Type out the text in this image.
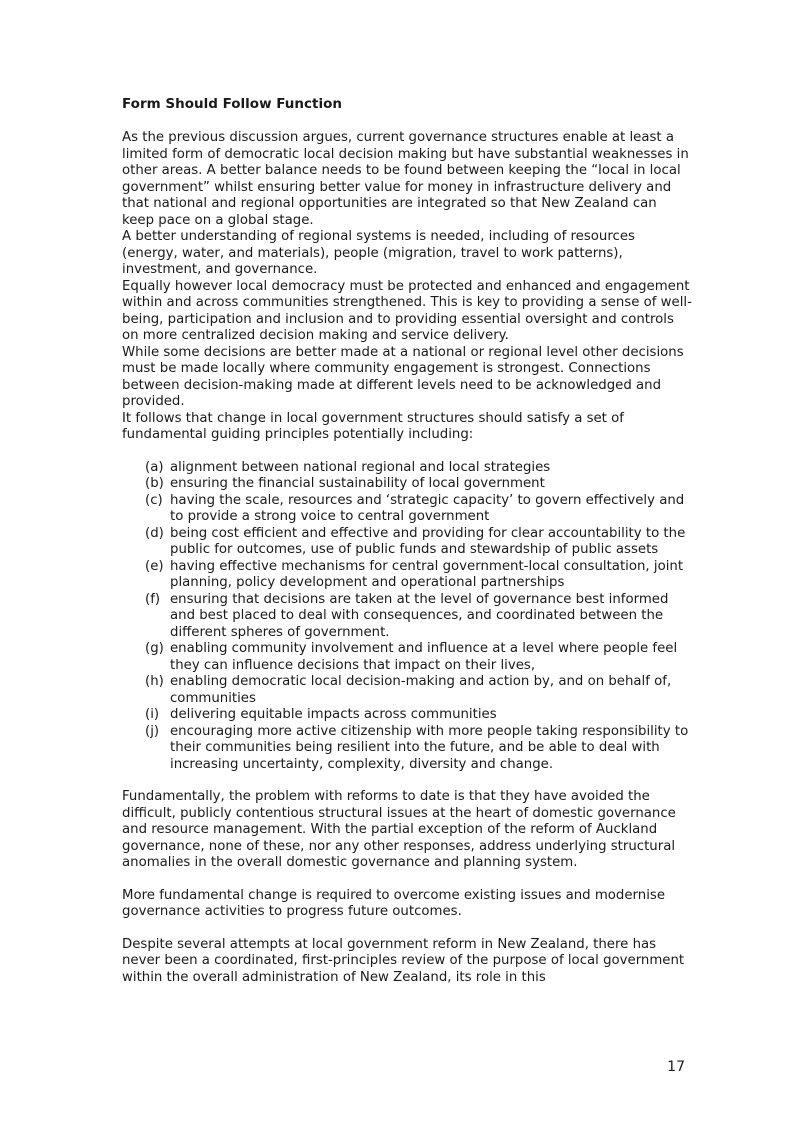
Form Should Follow Function

As the previous discussion argues, current governance structures enable at least a limited form of democratic local decision making but have substantial weaknesses in other areas. A better balance needs to be found between keeping the “local in local government” whilst ensuring better value for money in infrastructure delivery and that national and regional opportunities are integrated so that New Zealand can keep pace on a global stage.

A better understanding of regional systems is needed, including of resources (energy, water, and materials), people (migration, travel to work patterns), investment, and governance.

Equally however local democracy must be protected and enhanced and engagement within and across communities strengthened. This is key to providing a sense of well-being, participation and inclusion and to providing essential oversight and controls on more centralized decision making and service delivery.

While some decisions are better made at a national or regional level other decisions must be made locally where community engagement is strongest. Connections between decision-making made at different levels need to be acknowledged and provided.

It follows that change in local government structures should satisfy a set of fundamental guiding principles potentially including:

(a) alignment between national regional and local strategies
(b) ensuring the financial sustainability of local government
(c) having the scale, resources and ‘strategic capacity’ to govern effectively and to provide a strong voice to central government
(d) being cost efficient and effective and providing for clear accountability to the public for outcomes, use of public funds and stewardship of public assets
(e) having effective mechanisms for central government-local consultation, joint planning, policy development and operational partnerships
(f) ensuring that decisions are taken at the level of governance best informed and best placed to deal with consequences, and coordinated between the different spheres of government.
(g) enabling community involvement and influence at a level where people feel they can influence decisions that impact on their lives,
(h) enabling democratic local decision-making and action by, and on behalf of, communities
(i) delivering equitable impacts across communities
(j) encouraging more active citizenship with more people taking responsibility to their communities being resilient into the future, and be able to deal with increasing uncertainty, complexity, diversity and change.

Fundamentally, the problem with reforms to date is that they have avoided the difficult, publicly contentious structural issues at the heart of domestic governance and resource management. With the partial exception of the reform of Auckland governance, none of these, nor any other responses, address underlying structural anomalies in the overall domestic governance and planning system.

More fundamental change is required to overcome existing issues and modernise governance activities to progress future outcomes.

Despite several attempts at local government reform in New Zealand, there has never been a coordinated, first-principles review of the purpose of local government within the overall administration of New Zealand, its role in this

17
